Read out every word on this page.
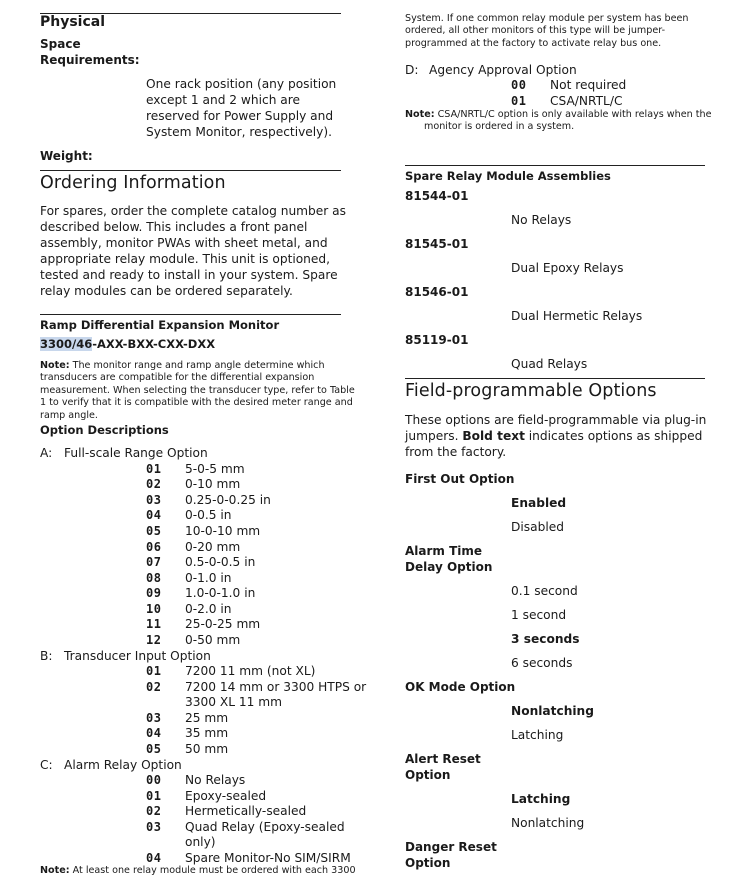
Physical
Space
Requirements:
One rack position (any position
except 1 and 2 which are
reserved for Power Supply and
System Monitor, respectively).
Weight:
Ordering Information
For spares, order the complete catalog number as
described below. This includes a front panel
assembly, monitor PWAs with sheet metal, and
appropriate relay module. This unit is optioned,
tested and ready to install in your system. Spare
relay modules can be ordered separately.
Ramp Differential Expansion Monitor
3300/46-AXX-BXX-CXX-DXX
Note: The monitor range and ramp angle determine which
transducers are compatible for the differential expansion
measurement. When selecting the transducer type, refer to Table
1 to verify that it is compatible with the desired meter range and
ramp angle.
Option Descriptions
A: Full-scale Range Option
01 5-0-5 mm
02 0-10 mm
03 0.25-0-0.25 in
04 0-0.5 in
05 10-0-10 mm
06 0-20 mm
07 0.5-0-0.5 in
08 0-1.0 in
09 1.0-0-1.0 in
10 0-2.0 in
11 25-0-25 mm
12 0-50 mm
B: Transducer Input Option
01 7200 11 mm (not XL)
02 7200 14 mm or 3300 HTPS or
3300 XL 11 mm
03 25 mm
04 35 mm
05 50 mm
C: Alarm Relay Option
00 No Relays
01 Epoxy-sealed
02 Hermetically-sealed
03 Quad Relay (Epoxy-sealed
only)
04 Spare Monitor-No SIM/SIRM
Note: At least one relay module must be ordered with each 3300
System. If one common relay module per system has been
ordered, all other monitors of this type will be jumper-
programmed at the factory to activate relay bus one.
D: Agency Approval Option
00 Not required
01 CSA/NRTL/C
Note: CSA/NRTL/C option is only available with relays when the
monitor is ordered in a system.
Spare Relay Module Assemblies
81544-01
No Relays
81545-01
Dual Epoxy Relays
81546-01
Dual Hermetic Relays
85119-01
Quad Relays
Field-programmable Options
These options are field-programmable via plug-in
jumpers. Bold text indicates options as shipped
from the factory.
First Out Option
Enabled
Disabled
Alarm Time
Delay Option
0.1 second
1 second
3 seconds
6 seconds
OK Mode Option
Nonlatching
Latching
Alert Reset
Option
Latching
Nonlatching
Danger Reset
Option
